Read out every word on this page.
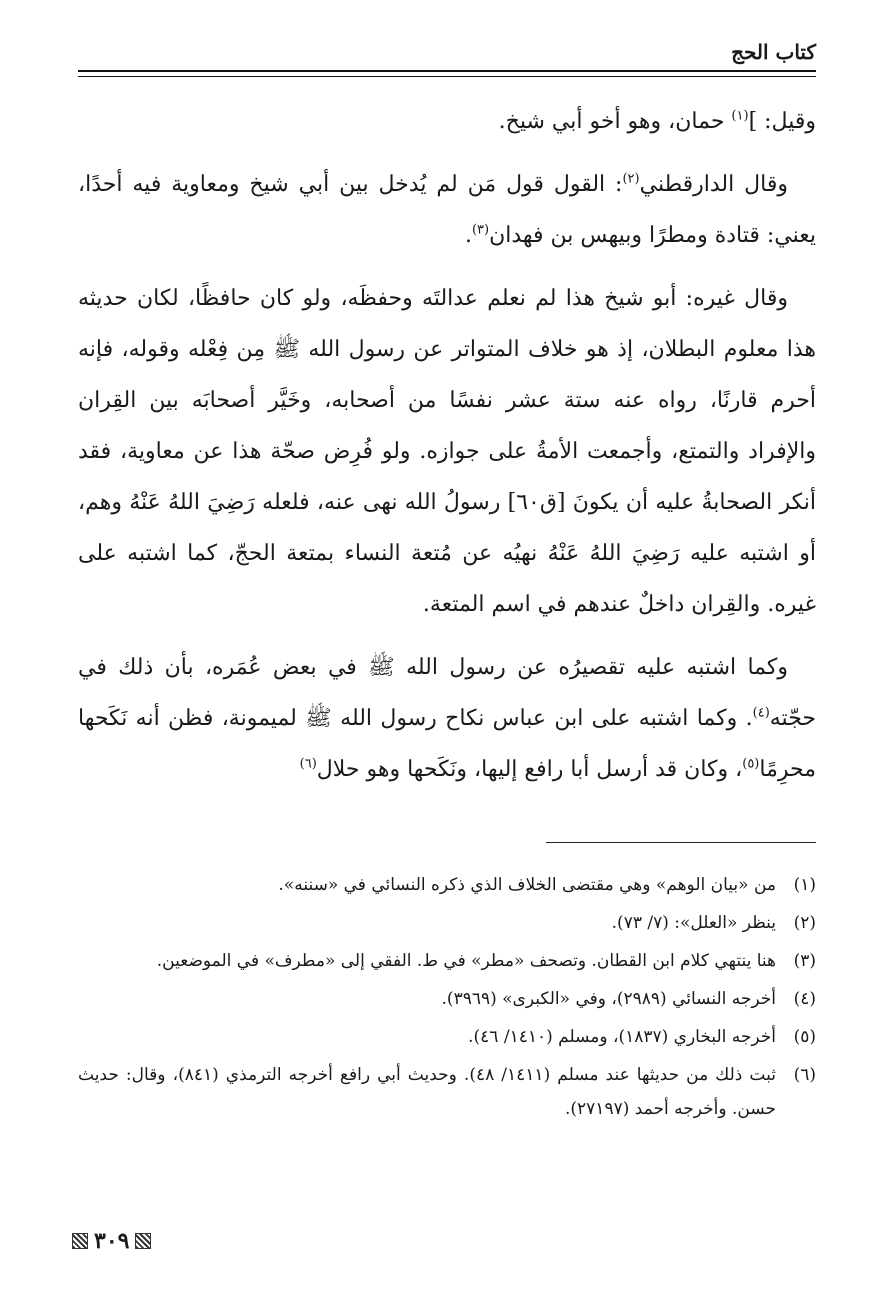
كتاب الحج

وقيل: ]$^{(١)}$ حمان، وهو أخو أبي شيخ.

وقال الدارقطني$^{(٢)}$: القول قول مَن لم يُدخل بين أبي شيخ ومعاوية فيه أحدًا، يعني: قتادة ومطرًا وبيهس بن فهدان$^{(٣)}$.

وقال غيره: أبو شيخ هذا لم نعلم عدالتَه وحفظَه، ولو كان حافظًا، لكان حديثه هذا معلوم البطلان، إذ هو خلاف المتواتر عن رسول الله ﷺ مِن فِعْله وقوله، فإنه أحرم قارنًا، رواه عنه ستة عشر نفسًا من أصحابه، وخَيَّر أصحابَه بين القِران والإفراد والتمتع، وأجمعت الأمةُ على جوازه. ولو فُرِض صحّة هذا عن معاوية، فقد أنكر الصحابةُ عليه أن يكونَ [ق٦٠] رسولُ الله نهى عنه، فلعله رَضِيَ اللهُ عَنْهُ وهم، أو اشتبه عليه رَضِيَ اللهُ عَنْهُ نهيُه عن مُتعة النساء بمتعة الحجّ، كما اشتبه على غيره. والقِران داخلٌ عندهم في اسم المتعة.

وكما اشتبه عليه تقصيرُه عن رسول الله ﷺ في بعض عُمَره، بأن ذلك في حجّته$^{(٤)}$. وكما اشتبه على ابن عباس نكاح رسول الله ﷺ لميمونة، فظن أنه نَكَحها محرِمًا$^{(٥)}$، وكان قد أرسل أبا رافع إليها، ونَكَحها وهو حلال$^{(٦)}$

(١)
من «بيان الوهم» وهي مقتضى الخلاف الذي ذكره النسائي في «سننه».
(٢)
ينظر «العلل»: (٧/ ٧٣).
(٣)
هنا ينتهي كلام ابن القطان. وتصحف «مطر» في ط. الفقي إلى «مطرف» في الموضعين.
(٤)
أخرجه النسائي (٢٩٨٩)، وفي «الكبرى» (٣٩٦٩).
(٥)
أخرجه البخاري (١٨٣٧)، ومسلم (١٤١٠/ ٤٦).
(٦)
ثبت ذلك من حديثها عند مسلم (١٤١١/ ٤٨). وحديث أبي رافع أخرجه الترمذي (٨٤١)، وقال: حديث حسن. وأخرجه أحمد (٢٧١٩٧).
٣٠٩
